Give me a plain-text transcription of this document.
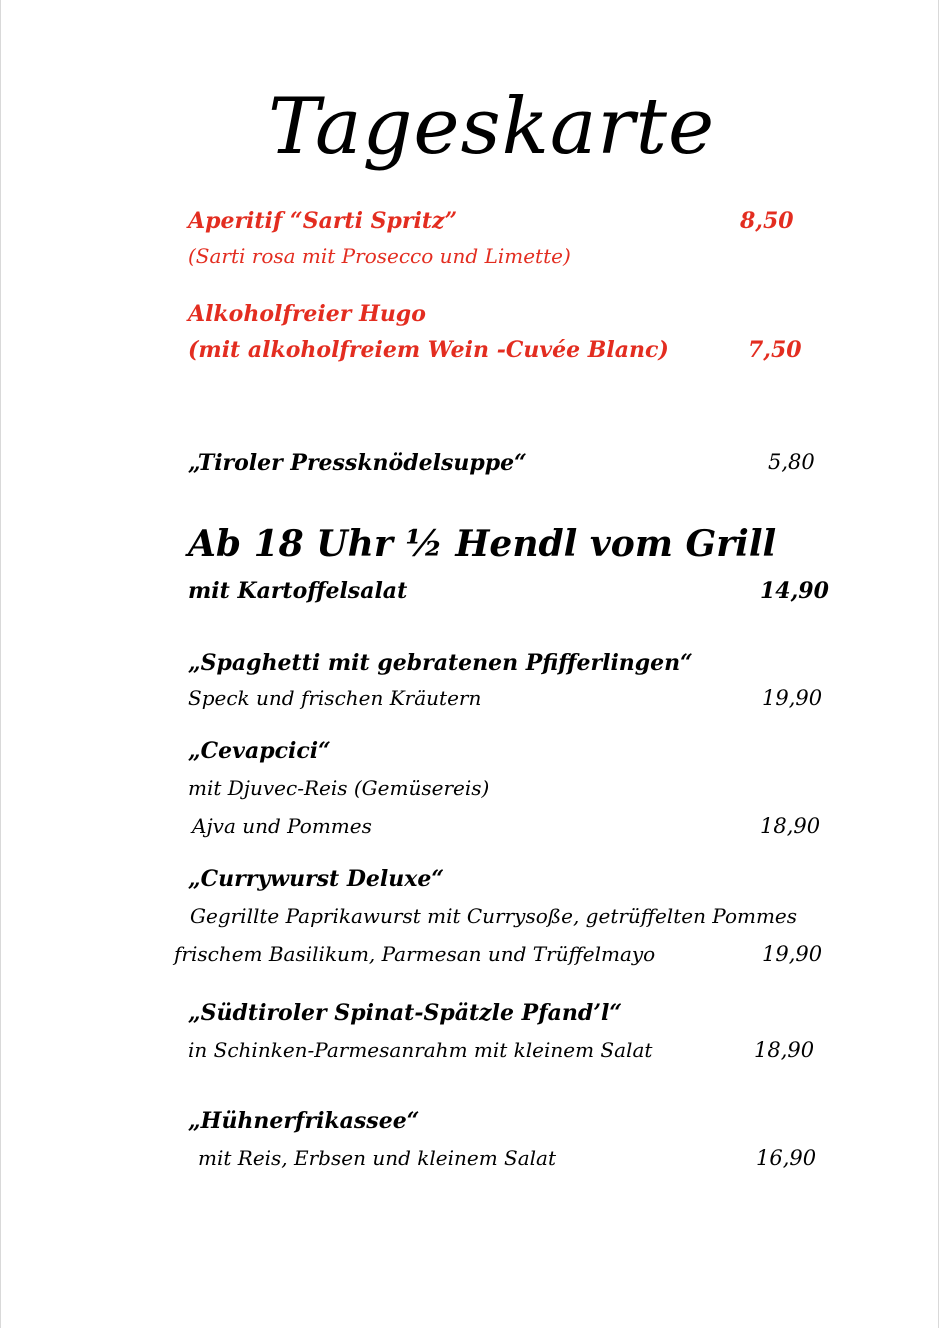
Tageskarte
Aperitif “Sarti Spritz”	8,50
(Sarti rosa mit Prosecco und Limette)
Alkoholfreier Hugo
(mit alkoholfreiem Wein -Cuvée Blanc)	7,50
„Tiroler Pressknödelsuppe“	5,80
Ab 18 Uhr ½ Hendl vom Grill
mit Kartoffelsalat	14,90
„Spaghetti mit gebratenen Pfifferlingen“
Speck und frischen Kräutern	19,90
„Cevapcici“
mit Djuvec-Reis (Gemüsereis)
Ajva und Pommes	18,90
„Currywurst Deluxe“
Gegrillte Paprikawurst mit Currysoße, getrüffelten Pommes
frischem Basilikum, Parmesan und Trüffelmayo	19,90
„Südtiroler Spinat-Spätzle Pfand’l“
in Schinken-Parmesanrahm mit kleinem Salat	18,90
„Hühnerfrikassee“
mit Reis, Erbsen und kleinem Salat	16,90
